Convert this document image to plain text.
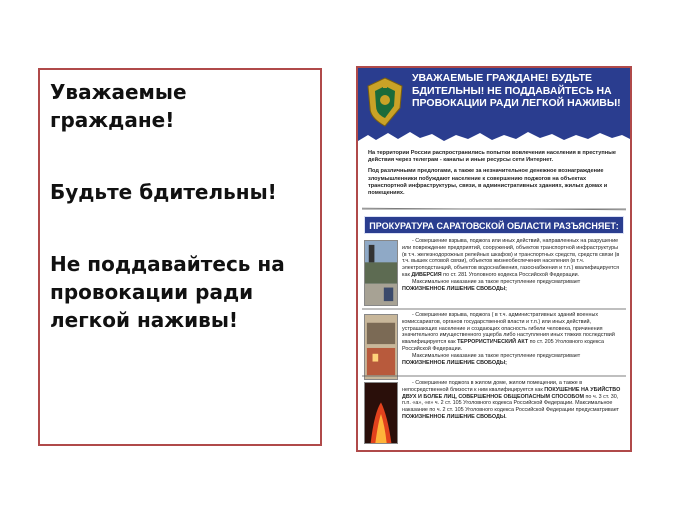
Уважаемые граждане!

Будьте бдительны!

Не поддавайтесь на провокации ради легкой наживы!

УВАЖАЕМЫЕ ГРАЖДАНЕ! БУДЬТЕ БДИТЕЛЬНЫ! НЕ ПОДДАВАЙТЕСЬ НА ПРОВОКАЦИИ РАДИ ЛЕГКОЙ НАЖИВЫ!

На территории России распространились попытки вовлечения населения в преступные действия через телеграм - каналы и иные ресурсы сети Интернет.

Под различными предлогами, а также за незначительное денежное вознаграждение злоумышленники побуждают население к совершению поджогов на объектах транспортной инфраструктуры, связи, в административных зданиях, жилых домах и помещениях.

ПРОКУРАТУРА САРАТОВСКОЙ ОБЛАСТИ РАЗЪЯСНЯЕТ:

- Совершение взрыва, поджога или иных действий, направленных на разрушение или повреждение предприятий, сооружений, объектов транспортной инфраструктуры (в т.ч. железнодорожных релейных шкафов) и транспортных средств, средств связи (в т.ч. вышек сотовой связи), объектов жизнеобеспечения населения (в т.ч. электроподстанций, объектов водоснабжения, газоснабжения и т.п.) квалифицируется как ДИВЕРСИЯ по ст. 281 Уголовного кодекса Российской Федерации.

Максимальное наказание за такое преступление предусматривает ПОЖИЗНЕННОЕ ЛИШЕНИЕ СВОБОДЫ;

- Совершение взрыва, поджога ( в т.ч. административных зданий военных комиссариатов, органов государственной власти и т.п.) или иных действий, устрашающих население и создающих опасность гибели человека, причинения значительного имущественного ущерба либо наступления иных тяжких последствий квалифицируется как ТЕРРОРИСТИЧЕСКИЙ АКТ по ст. 205 Уголовного кодекса Российской Федерации.

Максимальное наказание за такое преступление предусматривает ПОЖИЗНЕННОЕ ЛИШЕНИЕ СВОБОДЫ;

- Совершение поджога в жилом доме, жилом помещении, а также в непосредственной близости к ним квалифицируется как ПОКУШЕНИЕ НА УБИЙСТВО ДВУХ И БОЛЕЕ ЛИЦ, СОВЕРШЕННОЕ ОБЩЕОПАСНЫМ СПОСОБОМ по ч. 3 ст. 30, п.п. «а», «е» ч. 2 ст. 105 Уголовного кодекса Российской Федерации. Максимальное наказание по ч. 2 ст. 105 Уголовного кодекса Российской Федерации предусматривает ПОЖИЗНЕННОЕ ЛИШЕНИЕ СВОБОДЫ.
